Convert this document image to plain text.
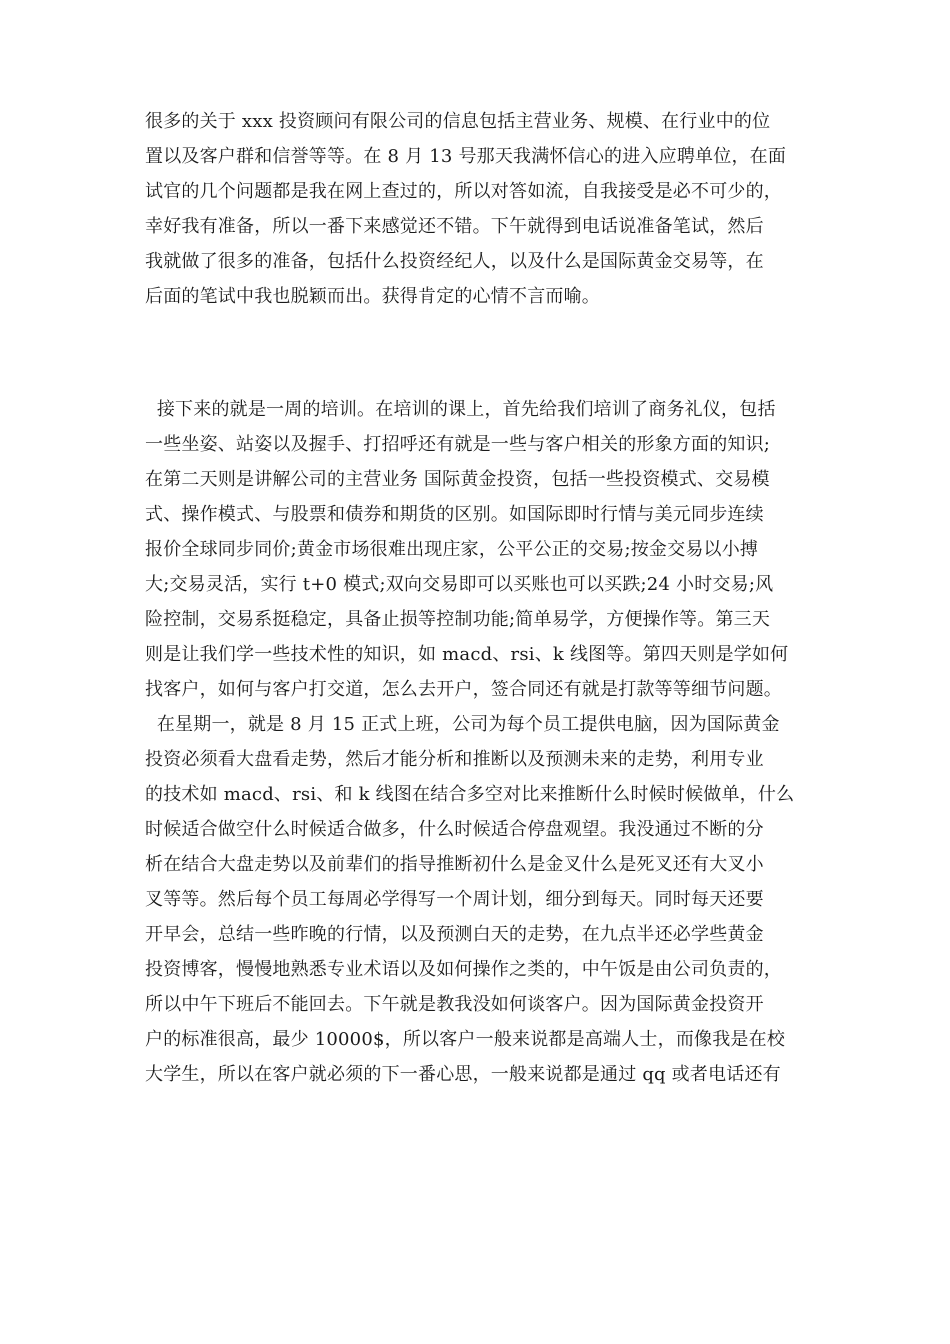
很多的关于 xxx 投资顾问有限公司的信息包括主营业务、规模、在行业中的位
置以及客户群和信誉等等。在 8 月 13 号那天我满怀信心的进入应聘单位，在面
试官的几个问题都是我在网上查过的，所以对答如流，自我接受是必不可少的，
幸好我有准备，所以一番下来感觉还不错。下午就得到电话说准备笔试，然后
我就做了很多的准备，包括什么投资经纪人，以及什么是国际黄金交易等，在
后面的笔试中我也脱颖而出。获得肯定的心情不言而喻。
接下来的就是一周的培训。在培训的课上，首先给我们培训了商务礼仪，包括
一些坐姿、站姿以及握手、打招呼还有就是一些与客户相关的形象方面的知识;
在第二天则是讲解公司的主营业务 国际黄金投资，包括一些投资模式、交易模
式、操作模式、与股票和债券和期货的区别。如国际即时行情与美元同步连续
报价全球同步同价;黄金市场很难出现庄家，公平公正的交易;按金交易以小搏
大;交易灵活，实行 t+0 模式;双向交易即可以买账也可以买跌;24 小时交易;风
险控制，交易系挺稳定，具备止损等控制功能;简单易学，方便操作等。第三天
则是让我们学一些技术性的知识，如 macd、rsi、k 线图等。第四天则是学如何
找客户，如何与客户打交道，怎么去开户，签合同还有就是打款等等细节问题。
在星期一，就是 8 月 15 正式上班，公司为每个员工提供电脑，因为国际黄金
投资必须看大盘看走势，然后才能分析和推断以及预测未来的走势，利用专业
的技术如 macd、rsi、和 k 线图在结合多空对比来推断什么时候时候做单，什么
时候适合做空什么时候适合做多，什么时候适合停盘观望。我没通过不断的分
析在结合大盘走势以及前辈们的指导推断初什么是金叉什么是死叉还有大叉小
叉等等。然后每个员工每周必学得写一个周计划，细分到每天。同时每天还要
开早会，总结一些昨晚的行情，以及预测白天的走势，在九点半还必学些黄金
投资博客，慢慢地熟悉专业术语以及如何操作之类的，中午饭是由公司负责的，
所以中午下班后不能回去。下午就是教我没如何谈客户。因为国际黄金投资开
户的标准很高，最少 10000$，所以客户一般来说都是高端人士，而像我是在校
大学生，所以在客户就必须的下一番心思，一般来说都是通过 qq 或者电话还有
